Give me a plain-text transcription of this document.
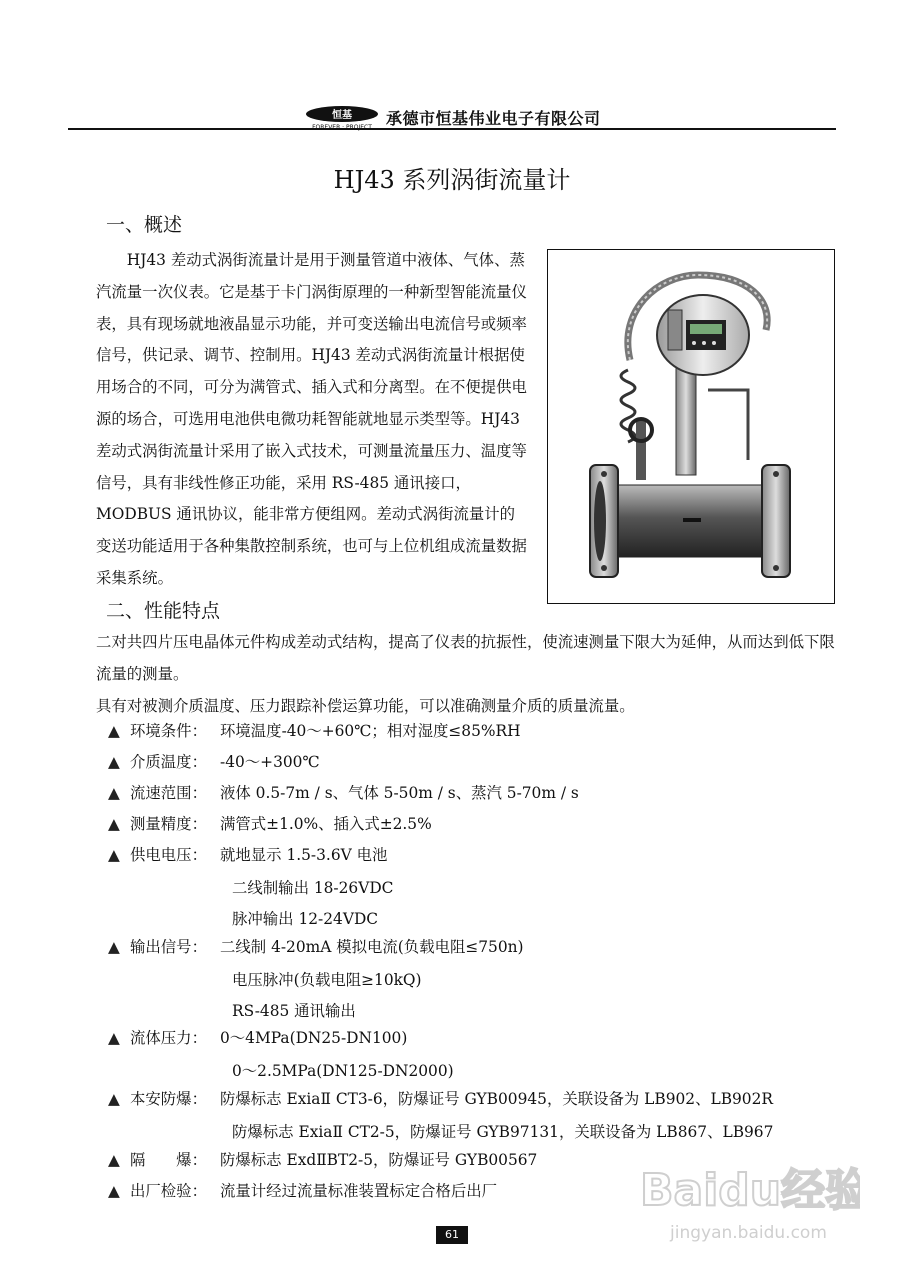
恒基 承德市恒基伟业电子有限公司
HJ43 系列涡街流量计
一、概述

HJ43 差动式涡街流量计是用于测量管道中液体、气体、蒸汽流量一次仪表。它是基于卡门涡街原理的一种新型智能流量仪表，具有现场就地液晶显示功能，并可变送输出电流信号或频率信号，供记录、调节、控制用。HJ43 差动式涡街流量计根据使用场合的不同，可分为满管式、插入式和分离型。在不便提供电源的场合，可选用电池供电微功耗智能就地显示类型等。HJ43 差动式涡街流量计采用了嵌入式技术，可测量流量压力、温度等信号，具有非线性修正功能，采用 RS-485 通讯接口，MODBUS 通讯协议，能非常方便组网。差动式涡街流量计的变送功能适用于各种集散控制系统，也可与上位机组成流量数据采集系统。

二、性能特点

二对共四片压电晶体元件构成差动式结构，提高了仪表的抗振性，使流速测量下限大为延伸，从而达到低下限流量的测量。

具有对被测介质温度、压力跟踪补偿运算功能，可以准确测量介质的质量流量。

▲ 环境条件： 环境温度-40～+60℃；相对湿度≤85%RH
▲ 介质温度： -40～+300℃
▲ 流速范围： 液体 0.5-7m / s、气体 5-50m / s、蒸汽 5-70m / s
▲ 测量精度： 满管式±1.0%、插入式±2.5%
▲ 供电电压： 就地显示 1.5-3.6V 电池
二线制输出 18-26VDC
脉冲输出 12-24VDC
▲ 输出信号： 二线制 4-20mA 模拟电流(负载电阻≤750n)
电压脉冲(负载电阻≥10kQ)
RS-485 通讯输出
▲ 流体压力： 0～4MPa(DN25-DN100)
0～2.5MPa(DN125-DN2000)
▲ 本安防爆： 防爆标志 ExiaⅡ CT3-6，防爆证号 GYB00945，关联设备为 LB902、LB902R
防爆标志 ExiaⅡ CT2-5，防爆证号 GYB97131，关联设备为 LB867、LB967
▲ 隔　　爆： 防爆标志 ExdⅡBT2-5，防爆证号 GYB00567
▲ 出厂检验： 流量计经过流量标准装置标定合格后出厂
61
Baidu经验
jingyan.baidu.com
